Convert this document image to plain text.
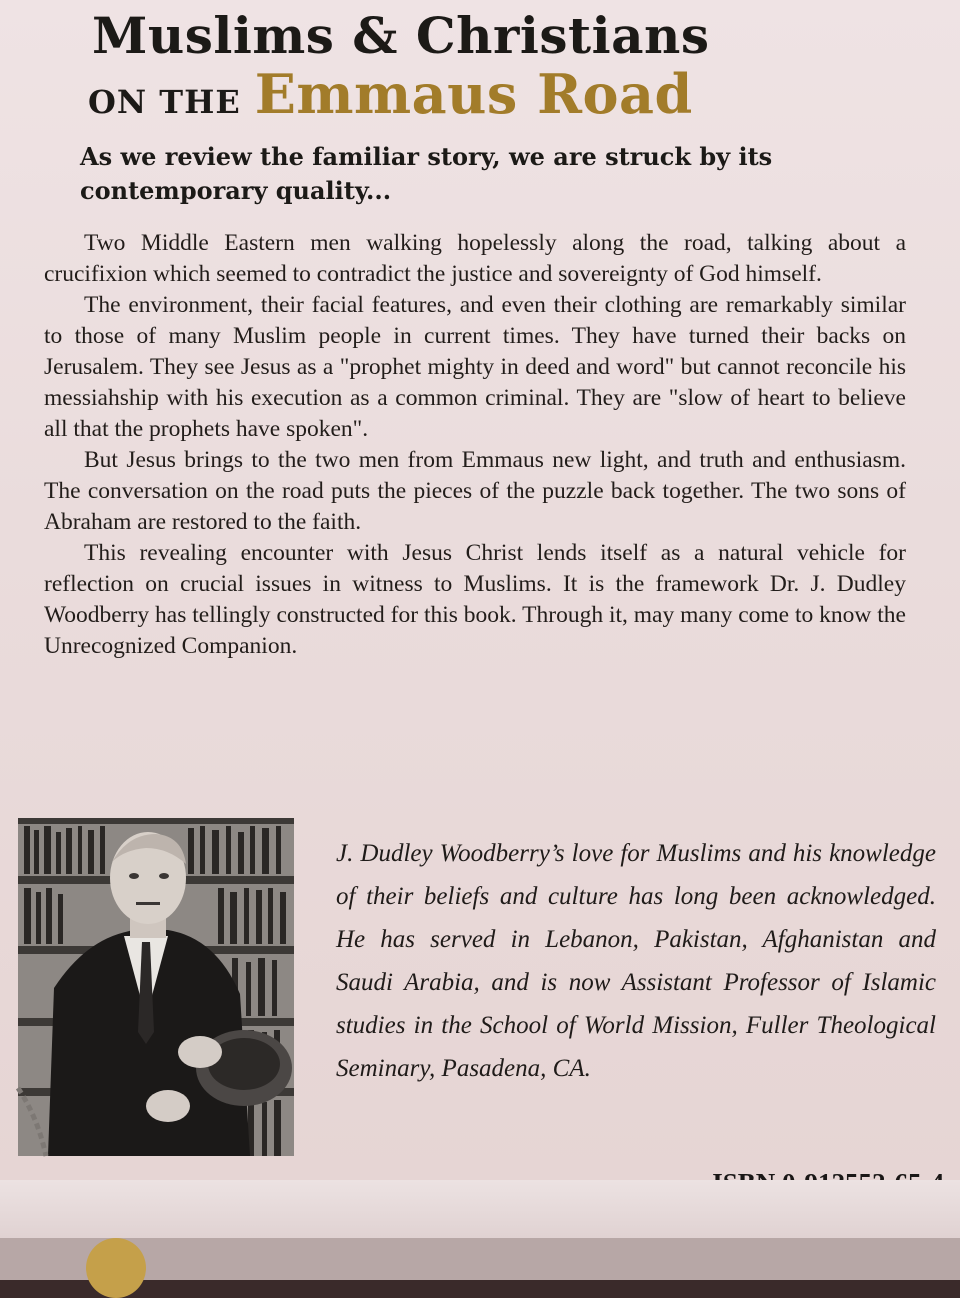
Muslims & Christians
ON THE Emmaus Road
As we review the familiar story, we are struck by its contemporary quality...

Two Middle Eastern men walking hopelessly along the road, talking about a crucifixion which seemed to contradict the justice and sovereignty of God himself.

The environment, their facial features, and even their clothing are remarkably similar to those of many Muslim people in current times. They have turned their backs on Jerusalem. They see Jesus as a "prophet mighty in deed and word" but cannot reconcile his messiahship with his execution as a common criminal. They are "slow of heart to believe all that the prophets have spoken".

But Jesus brings to the two men from Emmaus new light, and truth and enthusiasm. The conversation on the road puts the pieces of the puzzle back together. The two sons of Abraham are restored to the faith.

This revealing encounter with Jesus Christ lends itself as a natural vehicle for reflection on crucial issues in witness to Muslims. It is the framework Dr. J. Dudley Woodberry has tellingly constructed for this book. Through it, may many come to know the Unrecognized Companion.

J. Dudley Woodberry’s love for Muslims and his knowledge of their beliefs and culture has long been acknowledged. He has served in Lebanon, Pakistan, Afghanistan and Saudi Arabia, and is now Assistant Professor of Islamic studies in the School of World Mission, Fuller Theological Seminary, Pasadena, CA.
